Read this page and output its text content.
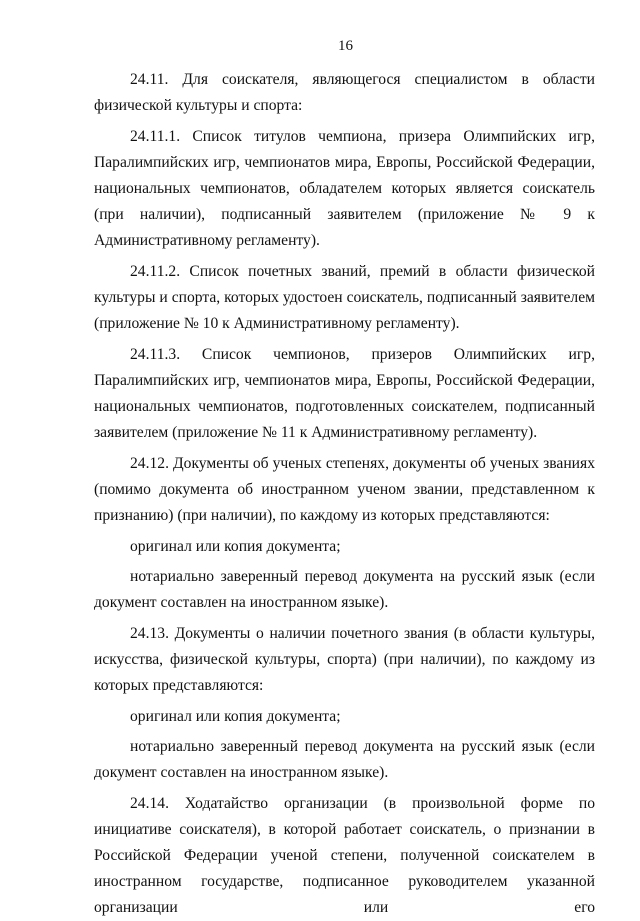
16

24.11. Для соискателя, являющегося специалистом в области физической культуры и спорта:

24.11.1. Список титулов чемпиона, призера Олимпийских игр, Паралимпийских игр, чемпионатов мира, Европы, Российской Федерации, национальных чемпионатов, обладателем которых является соискатель (при наличии), подписанный заявителем (приложение № 9 к Административному регламенту).

24.11.2. Список почетных званий, премий в области физической культуры и спорта, которых удостоен соискатель, подписанный заявителем (приложение № 10 к Административному регламенту).

24.11.3. Список чемпионов, призеров Олимпийских игр, Паралимпийских игр, чемпионатов мира, Европы, Российской Федерации, национальных чемпионатов, подготовленных соискателем, подписанный заявителем (приложение № 11 к Административному регламенту).

24.12. Документы об ученых степенях, документы об ученых званиях (помимо документа об иностранном ученом звании, представленном к признанию) (при наличии), по каждому из которых представляются:

оригинал или копия документа;

нотариально заверенный перевод документа на русский язык (если документ составлен на иностранном языке).

24.13. Документы о наличии почетного звания (в области культуры, искусства, физической культуры, спорта) (при наличии), по каждому из которых представляются:

оригинал или копия документа;

нотариально заверенный перевод документа на русский язык (если документ составлен на иностранном языке).

24.14. Ходатайство организации (в произвольной форме по инициативе соискателя), в которой работает соискатель, о признании в Российской Федерации ученой степени, полученной соискателем в иностранном государстве, подписанное руководителем указанной организации или его
